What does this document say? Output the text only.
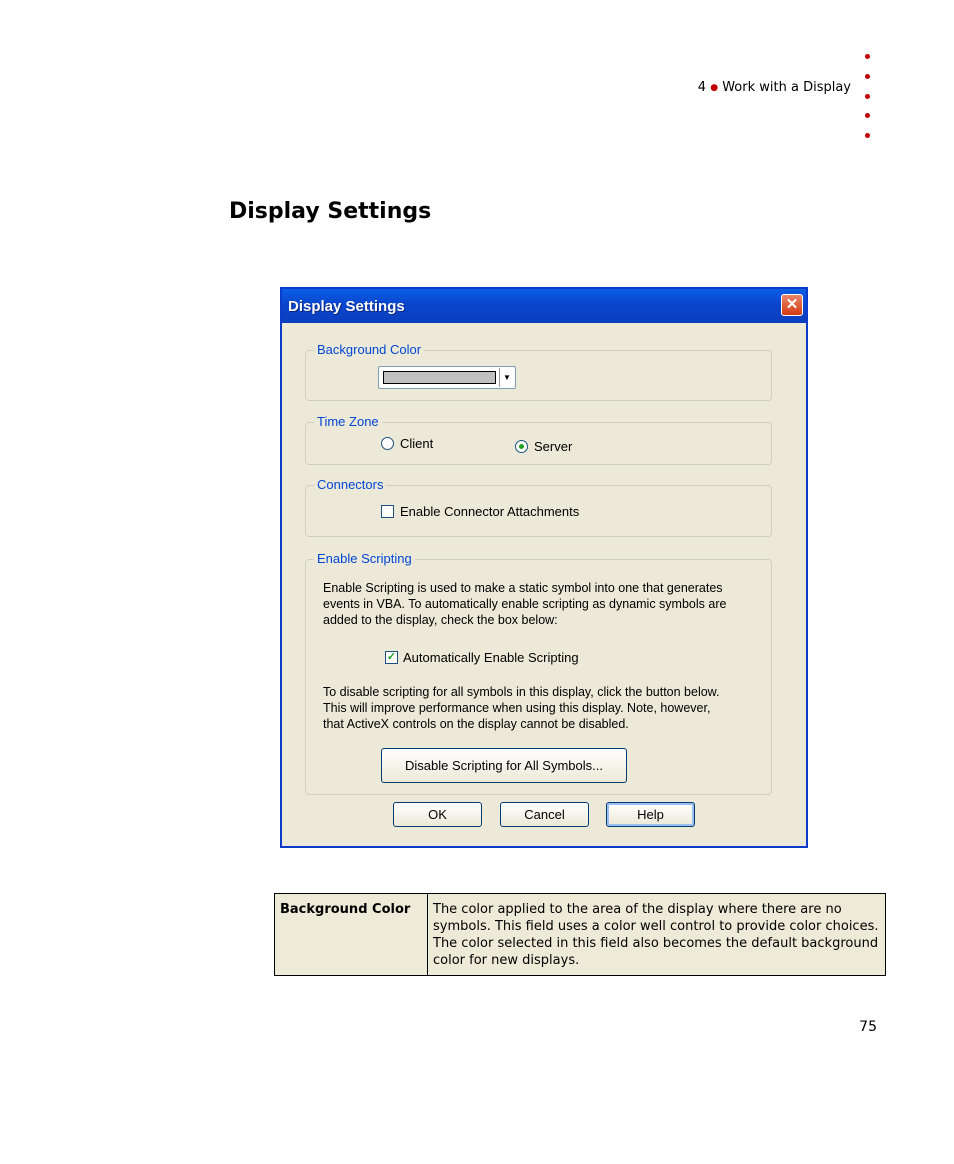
4 ● Work with a Display
Display Settings
Display Settings	✕
Background Color
▼
Time Zone
Client	Server
Connectors
Enable Connector Attachments
Enable Scripting

Enable Scripting is used to make a static symbol into one that generates
events in VBA. To automatically enable scripting as dynamic symbols are
added to the display, check the box below:

✓ Automatically Enable Scripting

To disable scripting for all symbols in this display, click the button below.
This will improve performance when using this display. Note, however,
that ActiveX controls on the display cannot be disabled.

Disable Scripting for All Symbols...
OK	Cancel	Help
Background Color	The color applied to the area of the display where there are no symbols. This field uses a color well control to provide color choices. The color selected in this field also becomes the default background color for new displays.
75
